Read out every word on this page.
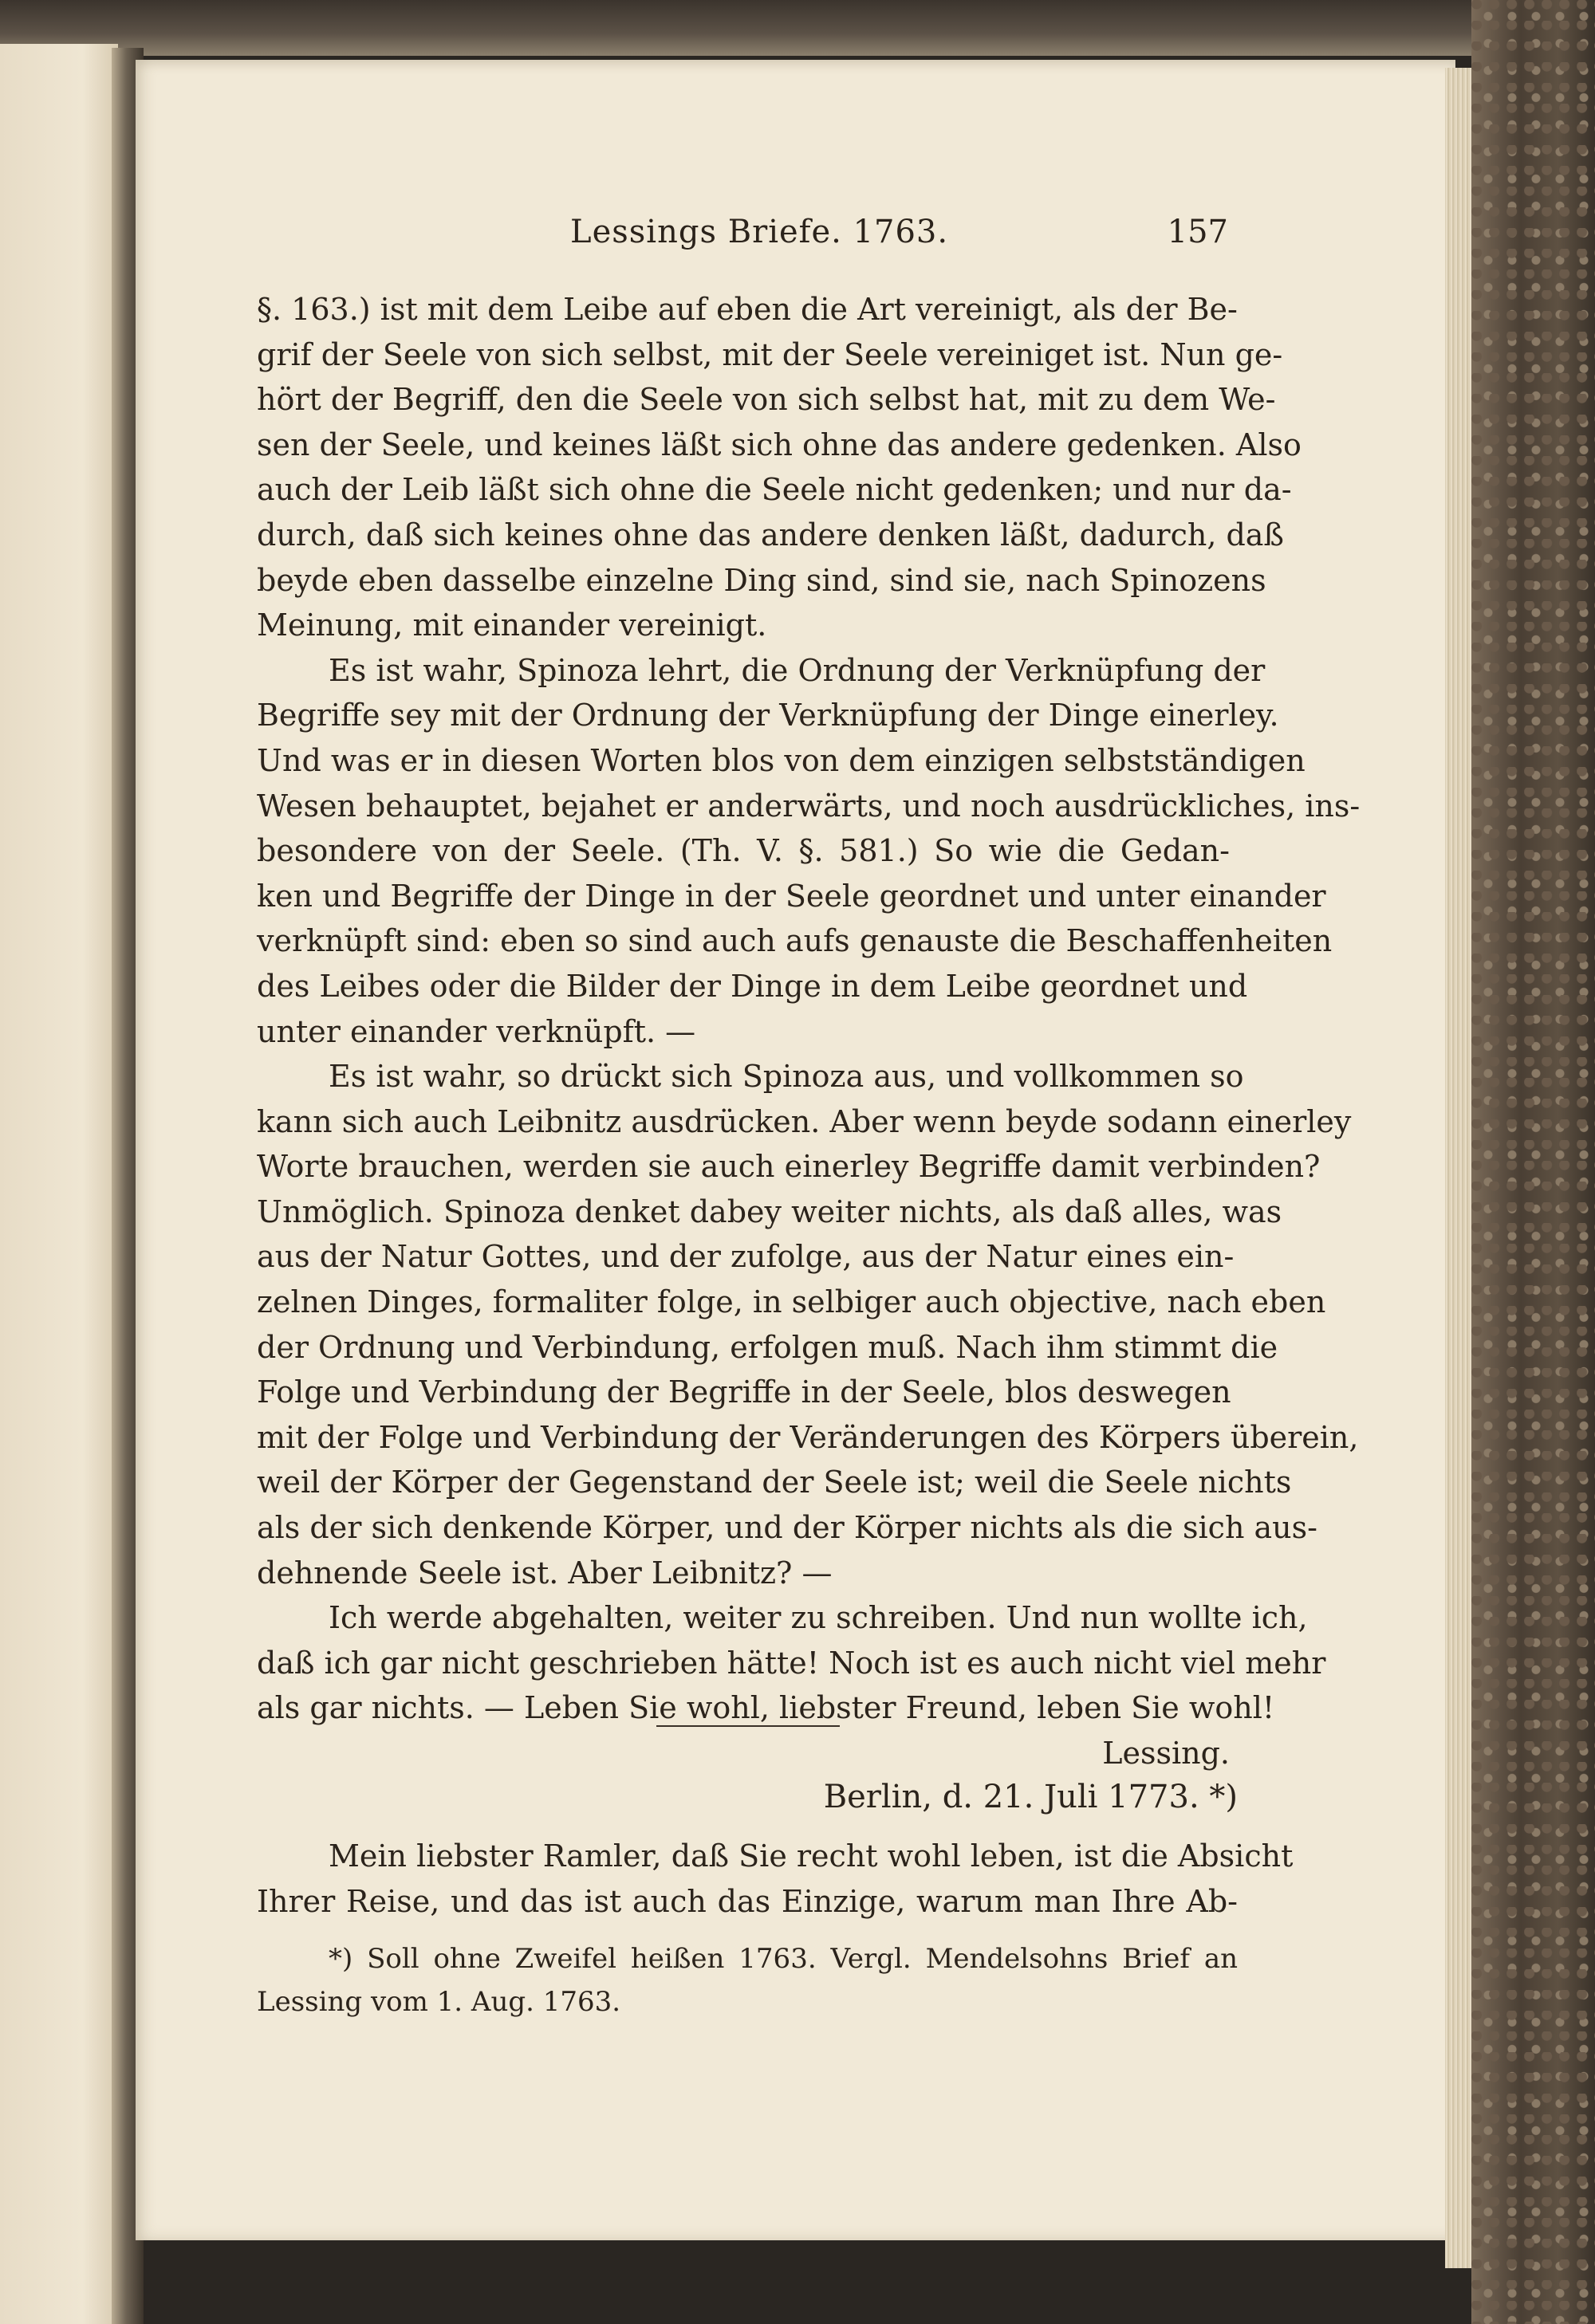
Lessings Briefe. 1763.	157
§. 163.) ist mit dem Leibe auf eben die Art vereinigt, als der Be-
grif der Seele von sich selbst, mit der Seele vereiniget ist. Nun ge-
hört der Begriff, den die Seele von sich selbst hat, mit zu dem We-
sen der Seele, und keines läßt sich ohne das andere gedenken. Also
auch der Leib läßt sich ohne die Seele nicht gedenken; und nur da-
durch, daß sich keines ohne das andere denken läßt, dadurch, daß
beyde eben dasselbe einzelne Ding sind, sind sie, nach Spinozens
Meinung, mit einander vereinigt.
Es ist wahr, Spinoza lehrt, die Ordnung der Verknüpfung der
Begriffe sey mit der Ordnung der Verknüpfung der Dinge einerley.
Und was er in diesen Worten blos von dem einzigen selbstständigen
Wesen behauptet, bejahet er anderwärts, und noch ausdrückliches, ins-
besondere von der Seele. (Th. V. §. 581.) So wie die Gedan-
ken und Begriffe der Dinge in der Seele geordnet und unter einander
verknüpft sind: eben so sind auch aufs genauste die Beschaffenheiten
des Leibes oder die Bilder der Dinge in dem Leibe geordnet und
unter einander verknüpft. —
Es ist wahr, so drückt sich Spinoza aus, und vollkommen so
kann sich auch Leibnitz ausdrücken. Aber wenn beyde sodann einerley
Worte brauchen, werden sie auch einerley Begriffe damit verbinden?
Unmöglich. Spinoza denket dabey weiter nichts, als daß alles, was
aus der Natur Gottes, und der zufolge, aus der Natur eines ein-
zelnen Dinges, formaliter folge, in selbiger auch objective, nach eben
der Ordnung und Verbindung, erfolgen muß. Nach ihm stimmt die
Folge und Verbindung der Begriffe in der Seele, blos deswegen
mit der Folge und Verbindung der Veränderungen des Körpers überein,
weil der Körper der Gegenstand der Seele ist; weil die Seele nichts
als der sich denkende Körper, und der Körper nichts als die sich aus-
dehnende Seele ist. Aber Leibnitz? —
Ich werde abgehalten, weiter zu schreiben. Und nun wollte ich,
daß ich gar nicht geschrieben hätte! Noch ist es auch nicht viel mehr
als gar nichts. — Leben Sie wohl, liebster Freund, leben Sie wohl!
Lessing.
Berlin, d. 21. Juli 1773. *)
Mein liebster Ramler, daß Sie recht wohl leben, ist die Absicht
Ihrer Reise, und das ist auch das Einzige, warum man Ihre Ab-
*) Soll ohne Zweifel heißen 1763. Vergl. Mendelsohns Brief an
Lessing vom 1. Aug. 1763.
